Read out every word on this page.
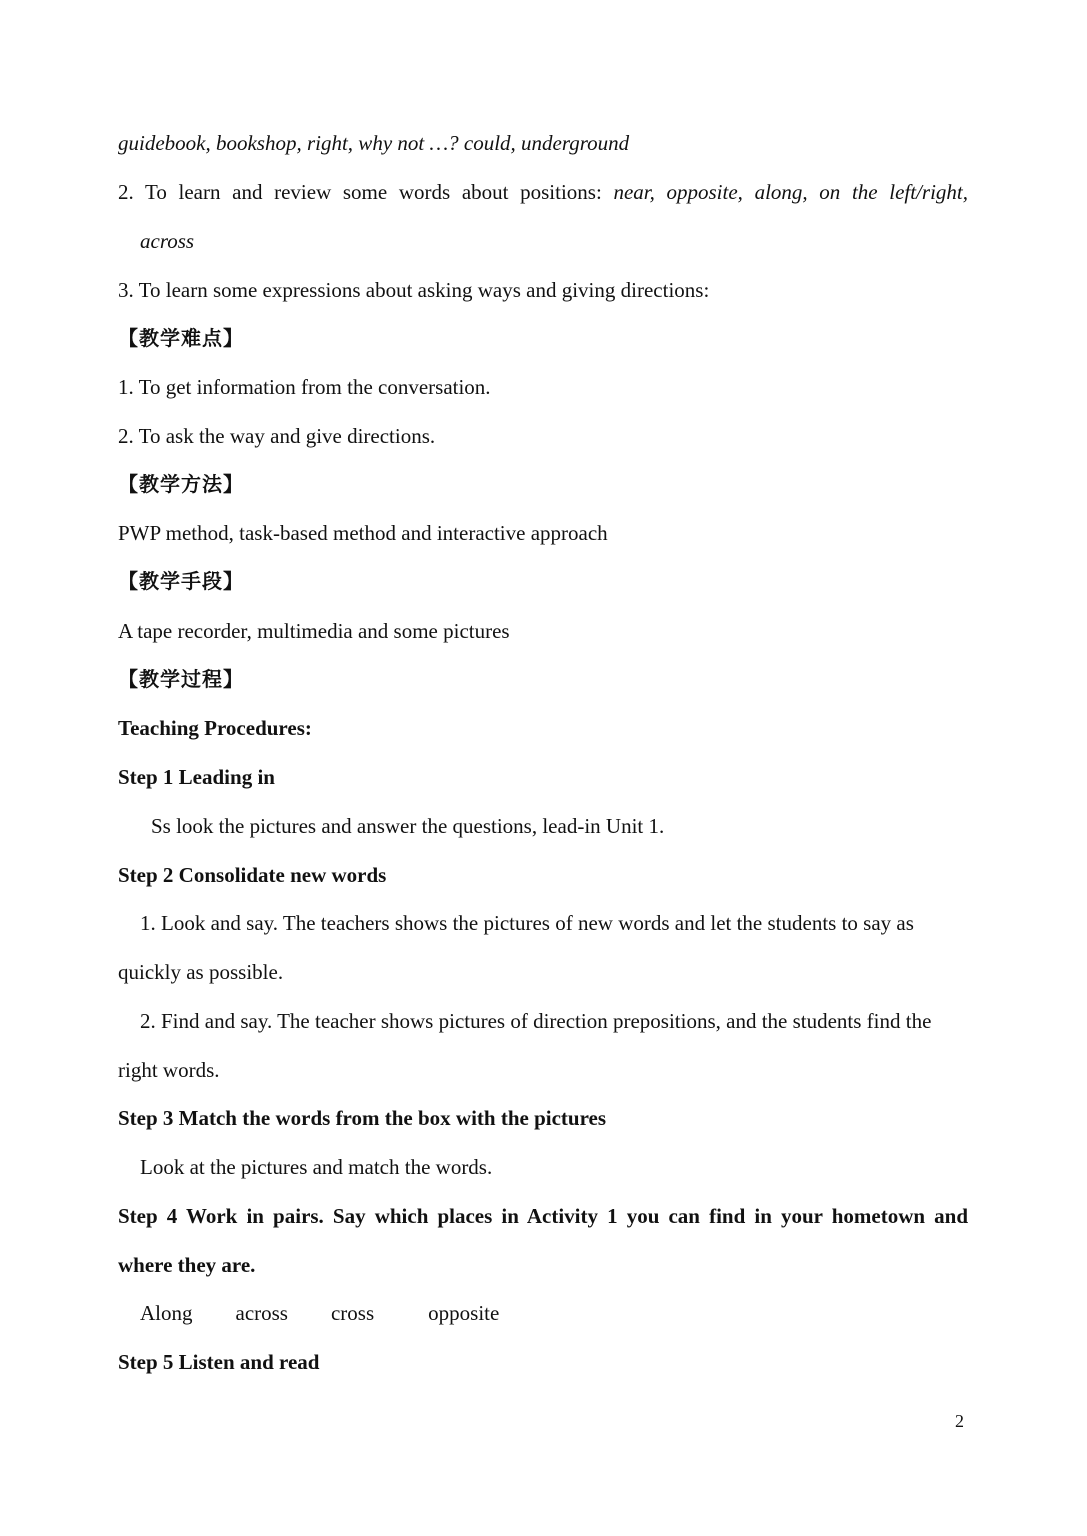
guidebook, bookshop, right, why not …? could, underground
2. To learn and review some words about positions: near, opposite, along, on the left/right,
across
3. To learn some expressions about asking ways and giving directions:
【教学难点】
1. To get information from the conversation.
2. To ask the way and give directions.
【教学方法】
PWP method, task-based method and interactive approach
【教学手段】
A tape recorder, multimedia and some pictures
【教学过程】
Teaching Procedures:
Step 1 Leading in
Ss look the pictures and answer the questions, lead-in Unit 1.
Step 2 Consolidate new words
1. Look and say. The teachers shows the pictures of new words and let the students to say as
quickly as possible.
2. Find and say. The teacher shows pictures of direction prepositions, and the students find the
right words.
Step 3 Match the words from the box with the pictures
Look at the pictures and match the words.
Step 4 Work in pairs. Say which places in Activity 1 you can find in your hometown and
where they are.
Along across cross	opposite
Step 5 Listen and read
2
